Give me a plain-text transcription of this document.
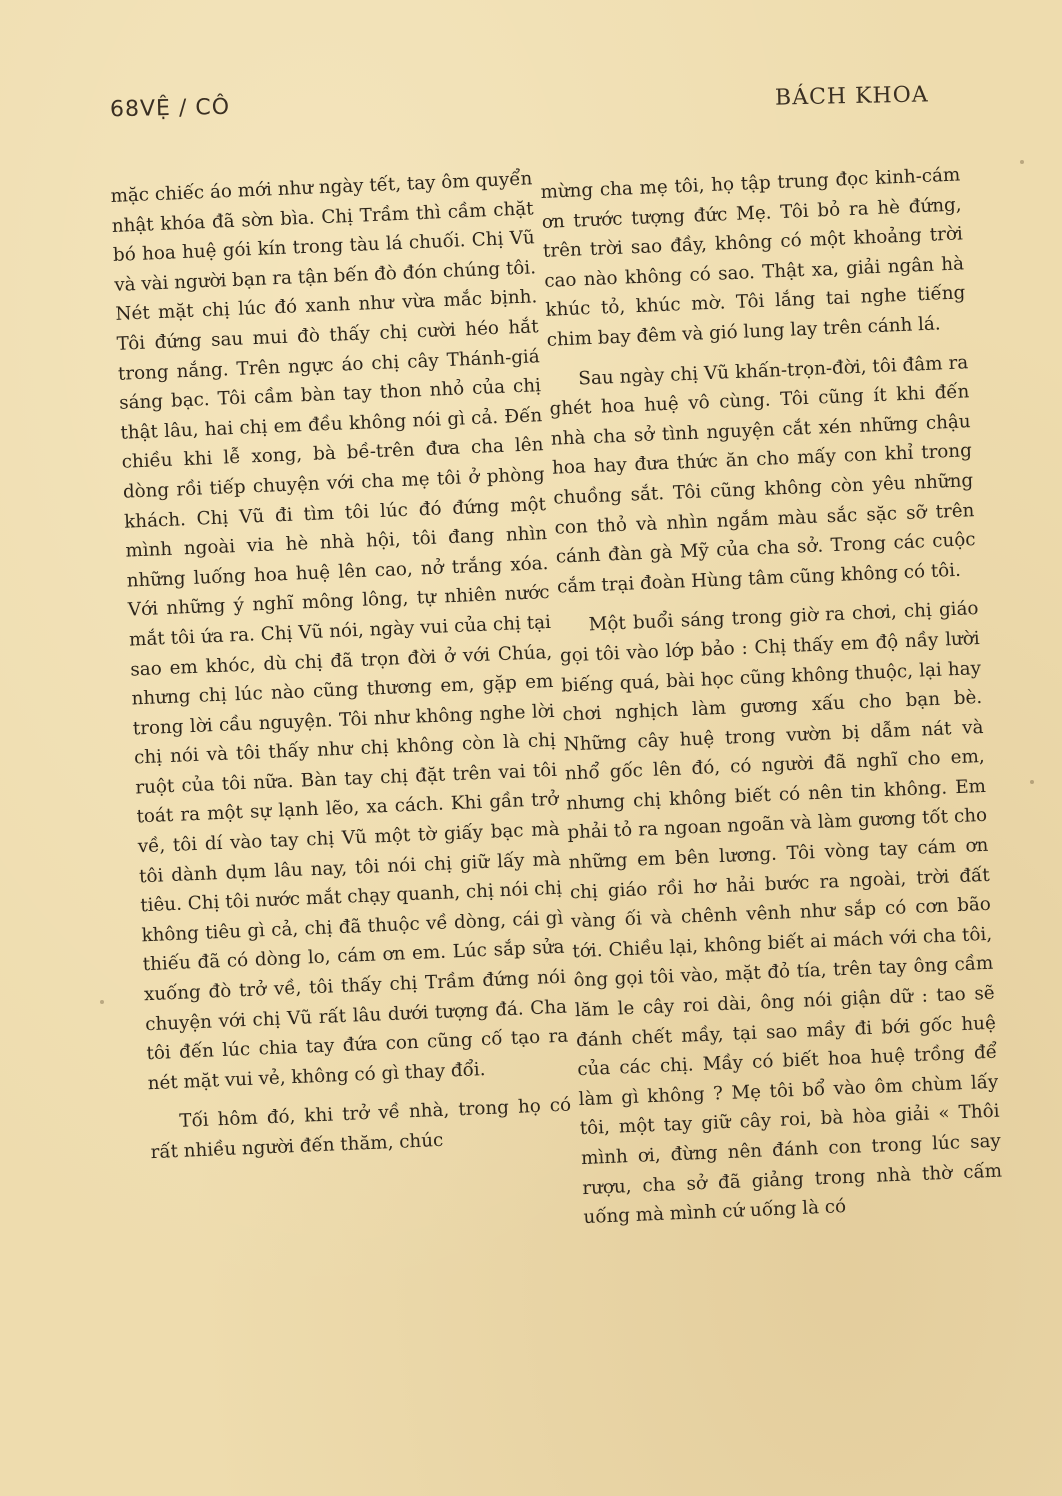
68VỆ / CÔ	BÁCH KHOA

mặc chiếc áo mới như ngày tết, tay ôm quyển nhật khóa đã sờn bìa. Chị Trầm thì cầm chặt bó hoa huệ gói kín trong tàu lá chuối. Chị Vũ và vài người bạn ra tận bến đò đón chúng tôi. Nét mặt chị lúc đó xanh như vừa mắc bịnh. Tôi đứng sau mui đò thấy chị cười héo hắt trong nắng. Trên ngực áo chị cây Thánh-giá sáng bạc. Tôi cầm bàn tay thon nhỏ của chị thật lâu, hai chị em đều không nói gì cả. Đến chiều khi lễ xong, bà bề-trên đưa cha lên dòng rồi tiếp chuyện với cha mẹ tôi ở phòng khách. Chị Vũ đi tìm tôi lúc đó đứng một mình ngoài via hè nhà hội, tôi đang nhìn những luống hoa huệ lên cao, nở trắng xóa. Với những ý nghĩ mông lông, tự nhiên nước mắt tôi ứa ra. Chị Vũ nói, ngày vui của chị tại sao em khóc, dù chị đã trọn đời ở với Chúa, nhưng chị lúc nào cũng thương em, gặp em trong lời cầu nguyện. Tôi như không nghe lời chị nói và tôi thấy như chị không còn là chị ruột của tôi nữa. Bàn tay chị đặt trên vai tôi toát ra một sự lạnh lẽo, xa cách. Khi gần trở về, tôi dí vào tay chị Vũ một tờ giấy bạc mà tôi dành dụm lâu nay, tôi nói chị giữ lấy mà tiêu. Chị tôi nước mắt chạy quanh, chị nói chị không tiêu gì cả, chị đã thuộc về dòng, cái gì thiếu đã có dòng lo, cám ơn em. Lúc sắp sửa xuống đò trở về, tôi thấy chị Trầm đứng nói chuyện với chị Vũ rất lâu dưới tượng đá. Cha tôi đến lúc chia tay đứa con cũng cố tạo ra nét mặt vui vẻ, không có gì thay đổi.

Tối hôm đó, khi trở về nhà, trong họ có rất nhiều người đến thăm, chúc

mừng cha mẹ tôi, họ tập trung đọc kinh-cám ơn trước tượng đức Mẹ. Tôi bỏ ra hè đứng, trên trời sao đầy, không có một khoảng trời cao nào không có sao. Thật xa, giải ngân hà khúc tỏ, khúc mờ. Tôi lắng tai nghe tiếng chim bay đêm và gió lung lay trên cánh lá.

Sau ngày chị Vũ khấn-trọn-đời, tôi đâm ra ghét hoa huệ vô cùng. Tôi cũng ít khi đến nhà cha sở tình nguyện cắt xén những chậu hoa hay đưa thức ăn cho mấy con khỉ trong chuồng sắt. Tôi cũng không còn yêu những con thỏ và nhìn ngắm màu sắc sặc sỡ trên cánh đàn gà Mỹ của cha sở. Trong các cuộc cắm trại đoàn Hùng tâm cũng không có tôi.

Một buổi sáng trong giờ ra chơi, chị giáo gọi tôi vào lớp bảo : Chị thấy em độ nầy lười biếng quá, bài học cũng không thuộc, lại hay chơi nghịch làm gương xấu cho bạn bè. Những cây huệ trong vườn bị dẫm nát và nhổ gốc lên đó, có người đã nghĩ cho em, nhưng chị không biết có nên tin không. Em phải tỏ ra ngoan ngoãn và làm gương tốt cho những em bên lương. Tôi vòng tay cám ơn chị giáo rồi hơ hải bước ra ngoài, trời đất vàng ối và chênh vênh như sắp có cơn bão tới. Chiều lại, không biết ai mách với cha tôi, ông gọi tôi vào, mặt đỏ tía, trên tay ông cầm lăm le cây roi dài, ông nói giận dữ : tao sẽ đánh chết mầy, tại sao mầy đi bới gốc huệ của các chị. Mầy có biết hoa huệ trồng để làm gì không ? Mẹ tôi bổ vào ôm chùm lấy tôi, một tay giữ cây roi, bà hòa giải « Thôi mình ơi, đừng nên đánh con trong lúc say rượu, cha sở đã giảng trong nhà thờ cấm uống mà mình cứ uống là có
